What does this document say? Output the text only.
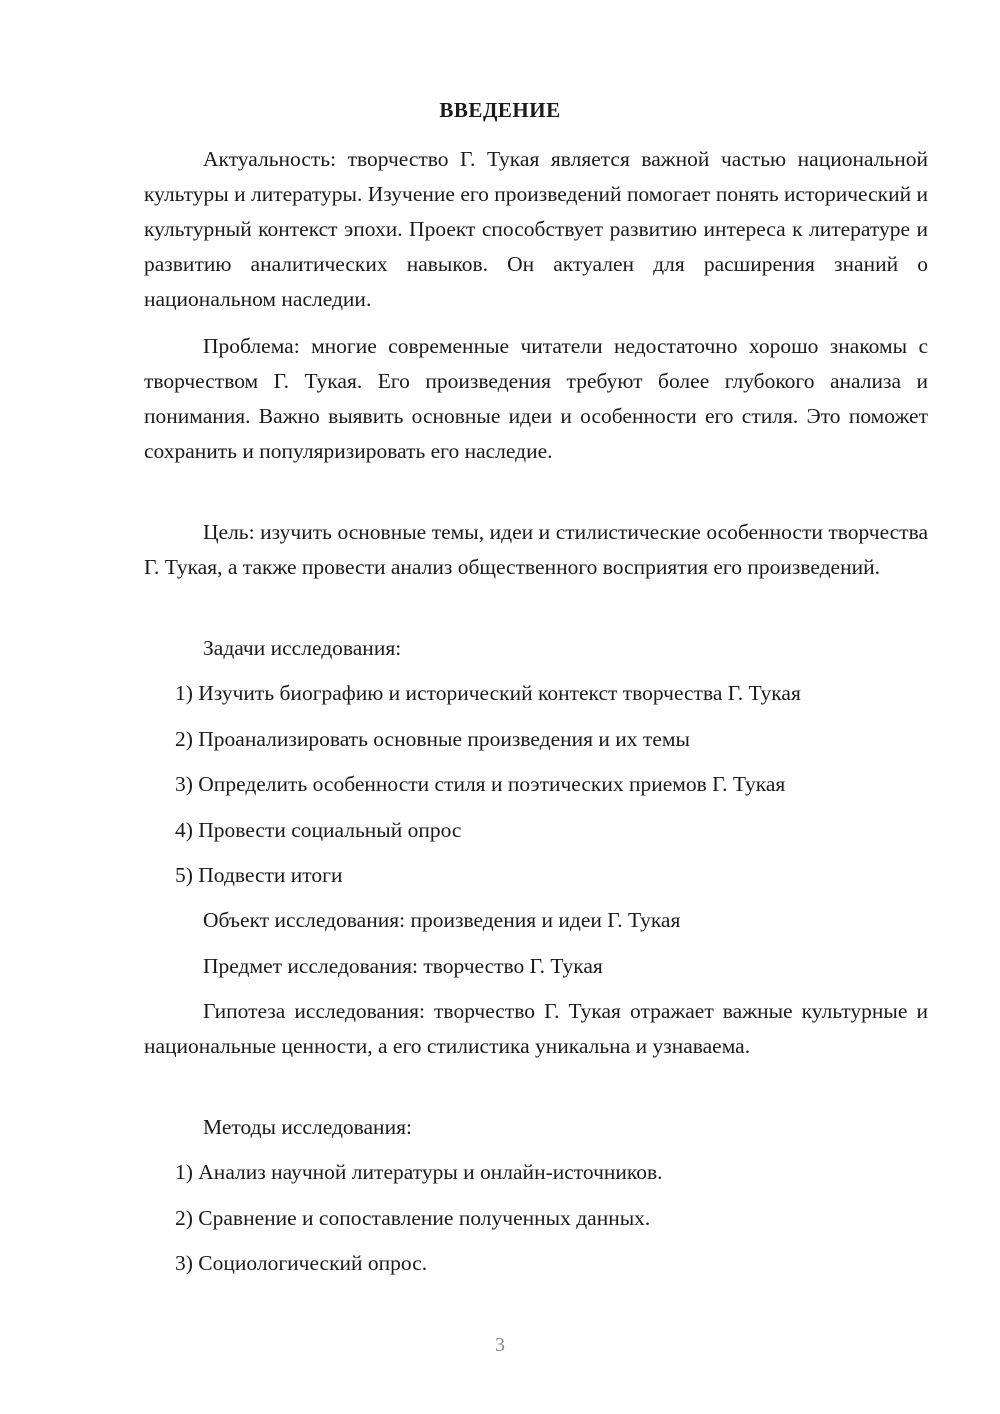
ВВЕДЕНИЕ

Актуальность: творчество Г. Тукая является важной частью национальной культуры и литературы. Изучение его произведений помогает понять исторический и культурный контекст эпохи. Проект способствует развитию интереса к литературе и развитию аналитических навыков. Он актуален для расширения знаний о национальном наследии.

Проблема: многие современные читатели недостаточно хорошо знакомы с творчеством Г. Тукая. Его произведения требуют более глубокого анализа и понимания. Важно выявить основные идеи и особенности его стиля. Это поможет сохранить и популяризировать его наследие.

Цель: изучить основные темы, идеи и стилистические особенности творчества Г. Тукая, а также провести анализ общественного восприятия его произведений.

Задачи исследования:

1) Изучить биографию и исторический контекст творчества Г. Тукая

2) Проанализировать основные произведения и их темы

3) Определить особенности стиля и поэтических приемов Г. Тукая

4) Провести социальный опрос

5) Подвести итоги

Объект исследования: произведения и идеи Г. Тукая

Предмет исследования: творчество Г. Тукая

Гипотеза исследования: творчество Г. Тукая отражает важные культурные и национальные ценности, а его стилистика уникальна и узнаваема.

Методы исследования:

1) Анализ научной литературы и онлайн-источников.

2) Сравнение и сопоставление полученных данных.

3) Социологический опрос.

3
